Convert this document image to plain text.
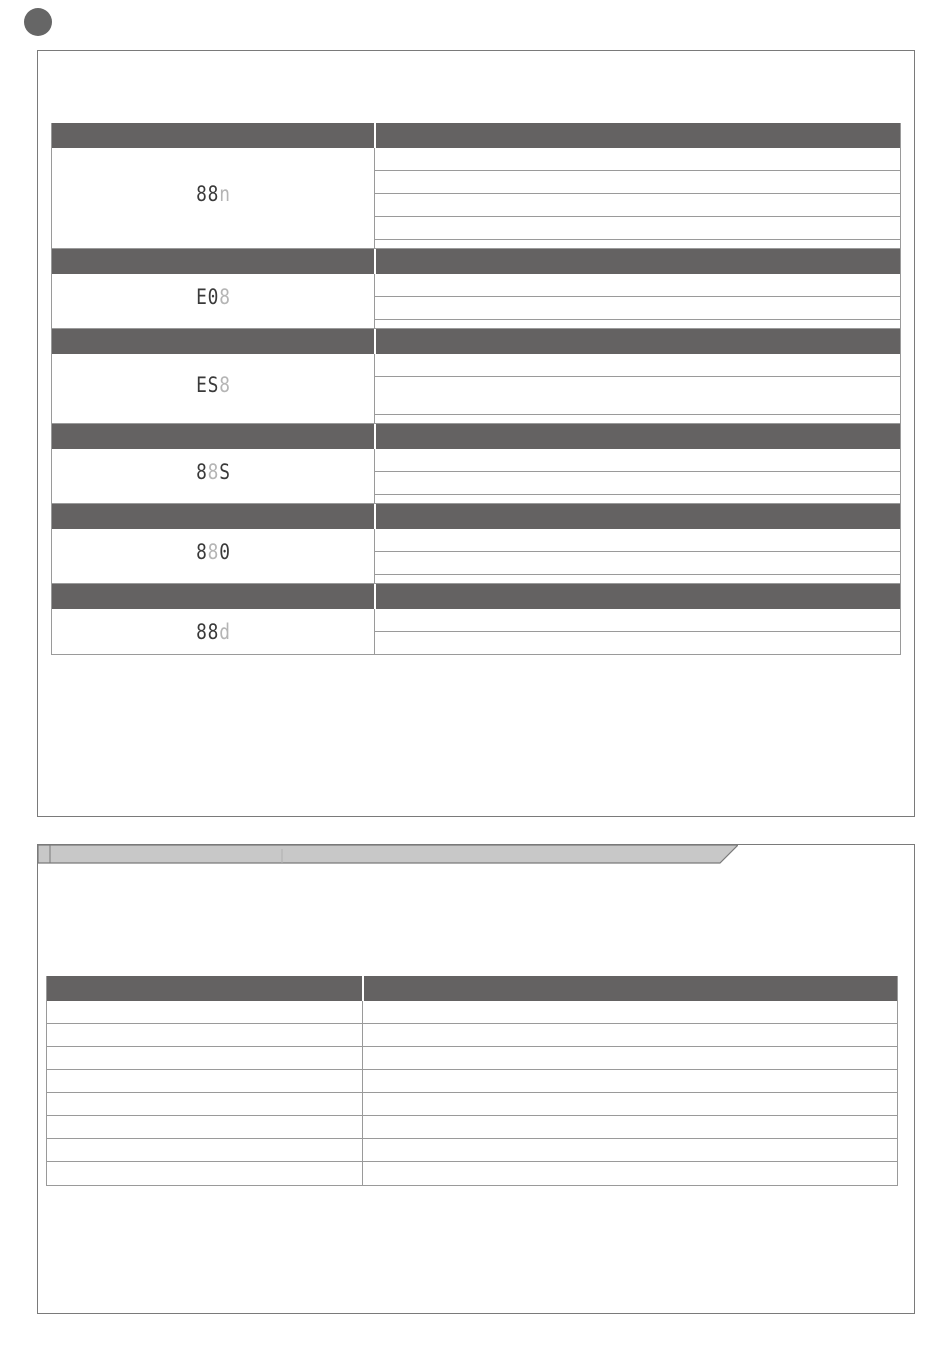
88n
E08
ES8
88S
880
88d
